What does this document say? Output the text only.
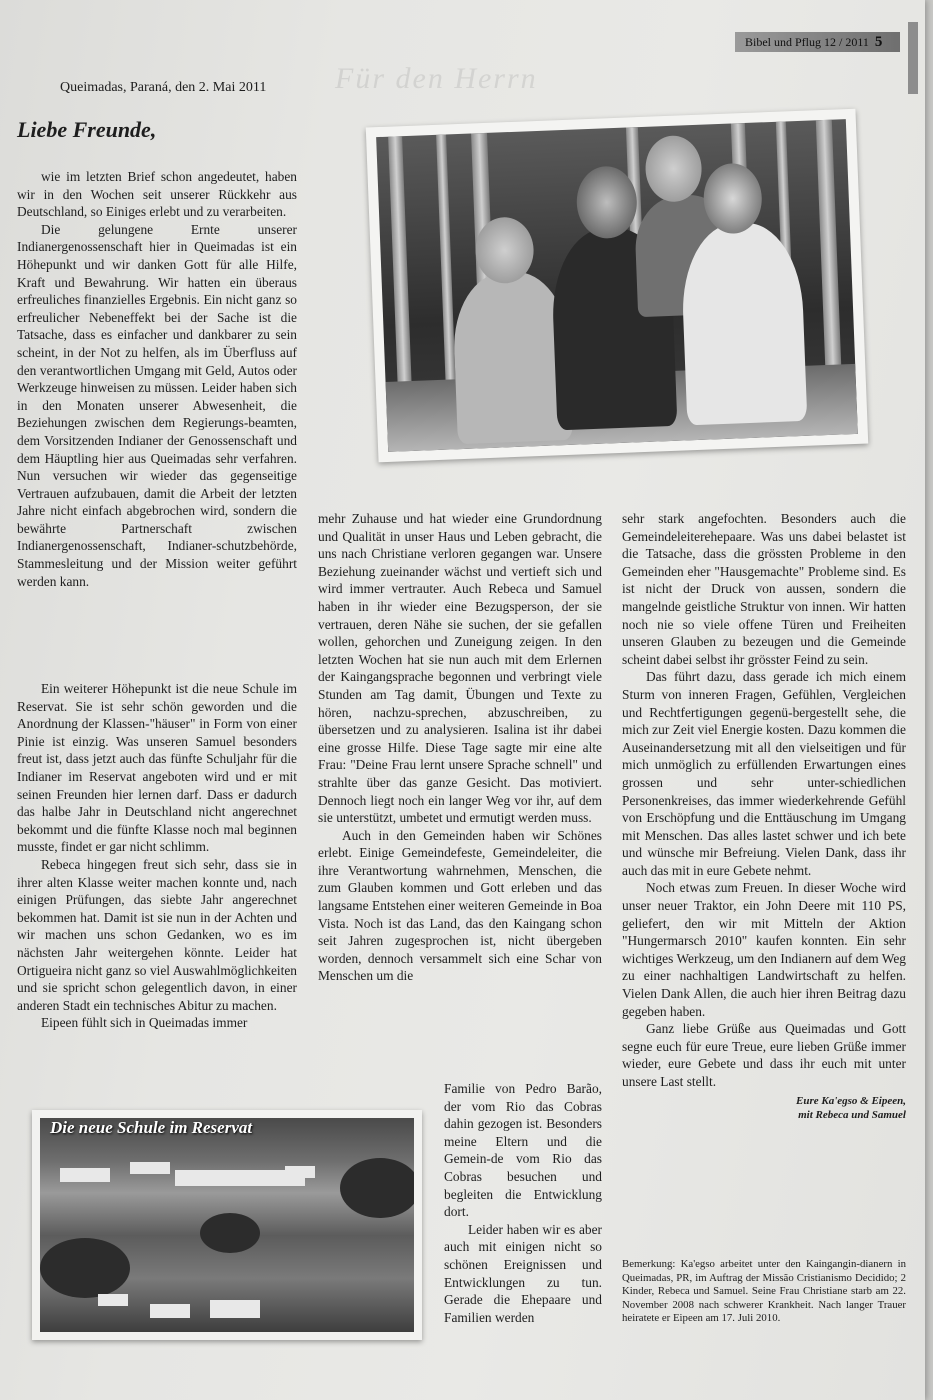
Bibel und Pflug 12 / 2011 5
Für den Herrn
Queimadas, Paraná, den 2. Mai 2011
Liebe Freunde,

wie im letzten Brief schon angedeutet, haben wir in den Wochen seit unserer Rückkehr aus Deutschland, so Einiges erlebt und zu verarbeiten.

Die gelungene Ernte unserer Indianergenossenschaft hier in Queimadas ist ein Höhepunkt und wir danken Gott für alle Hilfe, Kraft und Bewahrung. Wir hatten ein überaus erfreuliches finanzielles Ergebnis. Ein nicht ganz so erfreulicher Nebeneffekt bei der Sache ist die Tatsache, dass es einfacher und dankbarer zu sein scheint, in der Not zu helfen, als im Überfluss auf den verantwortlichen Umgang mit Geld, Autos oder Werkzeuge hinweisen zu müssen. Leider haben sich in den Monaten unserer Abwesenheit, die Beziehungen zwischen dem Regierungs-beamten, dem Vorsitzenden Indianer der Genossenschaft und dem Häuptling hier aus Queimadas sehr verfahren. Nun versuchen wir wieder das gegenseitige Vertrauen aufzubauen, damit die Arbeit der letzten Jahre nicht einfach abgebrochen wird, sondern die bewährte Partnerschaft zwischen Indianergenossenschaft, Indianer-schutzbehörde, Stammesleitung und der Mission weiter geführt werden kann.

Ein weiterer Höhepunkt ist die neue Schule im Reservat. Sie ist sehr schön geworden und die Anordnung der Klassen-"häuser" in Form von einer Pinie ist einzig. Was unseren Samuel besonders freut ist, dass jetzt auch das fünfte Schuljahr für die Indianer im Reservat angeboten wird und er mit seinen Freunden hier lernen darf. Dass er dadurch das halbe Jahr in Deutschland nicht angerechnet bekommt und die fünfte Klasse noch mal beginnen musste, findet er gar nicht schlimm.

Rebeca hingegen freut sich sehr, dass sie in ihrer alten Klasse weiter machen konnte und, nach einigen Prüfungen, das siebte Jahr angerechnet bekommen hat. Damit ist sie nun in der Achten und wir machen uns schon Gedanken, wo es im nächsten Jahr weitergehen könnte. Leider hat Ortigueira nicht ganz so viel Auswahlmöglichkeiten und sie spricht schon gelegentlich davon, in einer anderen Stadt ein technisches Abitur zu machen.

Eipeen fühlt sich in Queimadas immer

mehr Zuhause und hat wieder eine Grundordnung und Qualität in unser Haus und Leben gebracht, die uns nach Christiane verloren gegangen war. Unsere Beziehung zueinander wächst und vertieft sich und wird immer vertrauter. Auch Rebeca und Samuel haben in ihr wieder eine Bezugsperson, der sie vertrauen, deren Nähe sie suchen, der sie gefallen wollen, gehorchen und Zuneigung zeigen. In den letzten Wochen hat sie nun auch mit dem Erlernen der Kaingangsprache begonnen und verbringt viele Stunden am Tag damit, Übungen und Texte zu hören, nachzu-sprechen, abzuschreiben, zu übersetzen und zu analysieren. Isalina ist ihr dabei eine grosse Hilfe. Diese Tage sagte mir eine alte Frau: "Deine Frau lernt unsere Sprache schnell" und strahlte über das ganze Gesicht. Das motiviert. Dennoch liegt noch ein langer Weg vor ihr, auf dem sie unterstützt, umbetet und ermutigt werden muss.

Auch in den Gemeinden haben wir Schönes erlebt. Einige Gemeindefeste, Gemeindeleiter, die ihre Verantwortung wahrnehmen, Menschen, die zum Glauben kommen und Gott erleben und das langsame Entstehen einer weiteren Gemeinde in Boa Vista. Noch ist das Land, das den Kaingang schon seit Jahren zugesprochen ist, nicht übergeben worden, dennoch versammelt sich eine Schar von Menschen um die

Familie von Pedro Barão, der vom Rio das Cobras dahin gezogen ist. Besonders meine Eltern und die Gemein-de vom Rio das Cobras besuchen und begleiten die Entwicklung dort.

Leider haben wir es aber auch mit einigen nicht so schönen Ereignissen und Entwicklungen zu tun. Gerade die Ehepaare und Familien werden

sehr stark angefochten. Besonders auch die Gemeindeleiterehepaare. Was uns dabei belastet ist die Tatsache, dass die grössten Probleme in den Gemeinden eher "Hausgemachte" Probleme sind. Es ist nicht der Druck von aussen, sondern die mangelnde geistliche Struktur von innen. Wir hatten noch nie so viele offene Türen und Freiheiten unseren Glauben zu bezeugen und die Gemeinde scheint dabei selbst ihr grösster Feind zu sein.

Das führt dazu, dass gerade ich mich einem Sturm von inneren Fragen, Gefühlen, Vergleichen und Rechtfertigungen gegenü-bergestellt sehe, die mich zur Zeit viel Energie kosten. Dazu kommen die Auseinandersetzung mit all den vielseitigen und für mich unmöglich zu erfüllenden Erwartungen eines grossen und sehr unter-schiedlichen Personenkreises, das immer wiederkehrende Gefühl von Erschöpfung und die Enttäuschung im Umgang mit Menschen. Das alles lastet schwer und ich bete und wünsche mir Befreiung. Vielen Dank, dass ihr auch das mit in eure Gebete nehmt.

Noch etwas zum Freuen. In dieser Woche wird unser neuer Traktor, ein John Deere mit 110 PS, geliefert, den wir mit Mitteln der Aktion "Hungermarsch 2010" kaufen konnten. Ein sehr wichtiges Werkzeug, um den Indianern auf dem Weg zu einer nachhaltigen Landwirtschaft zu helfen. Vielen Dank Allen, die auch hier ihren Beitrag dazu gegeben haben.

Ganz liebe Grüße aus Queimadas und Gott segne euch für eure Treue, eure lieben Grüße immer wieder, eure Gebete und dass ihr euch mit unter unsere Last stellt.

Eure Ka'egso & Eipeen,
mit Rebeca und Samuel
Bemerkung: Ka'egso arbeitet unter den Kaingangin-dianern in Queimadas, PR, im Auftrag der Missão Cristianismo Decidido; 2 Kinder, Rebeca und Samuel. Seine Frau Christiane starb am 22. November 2008 nach schwerer Krankheit. Nach langer Trauer heiratete er Eipeen am 17. Juli 2010.
Die neue Schule im Reservat
